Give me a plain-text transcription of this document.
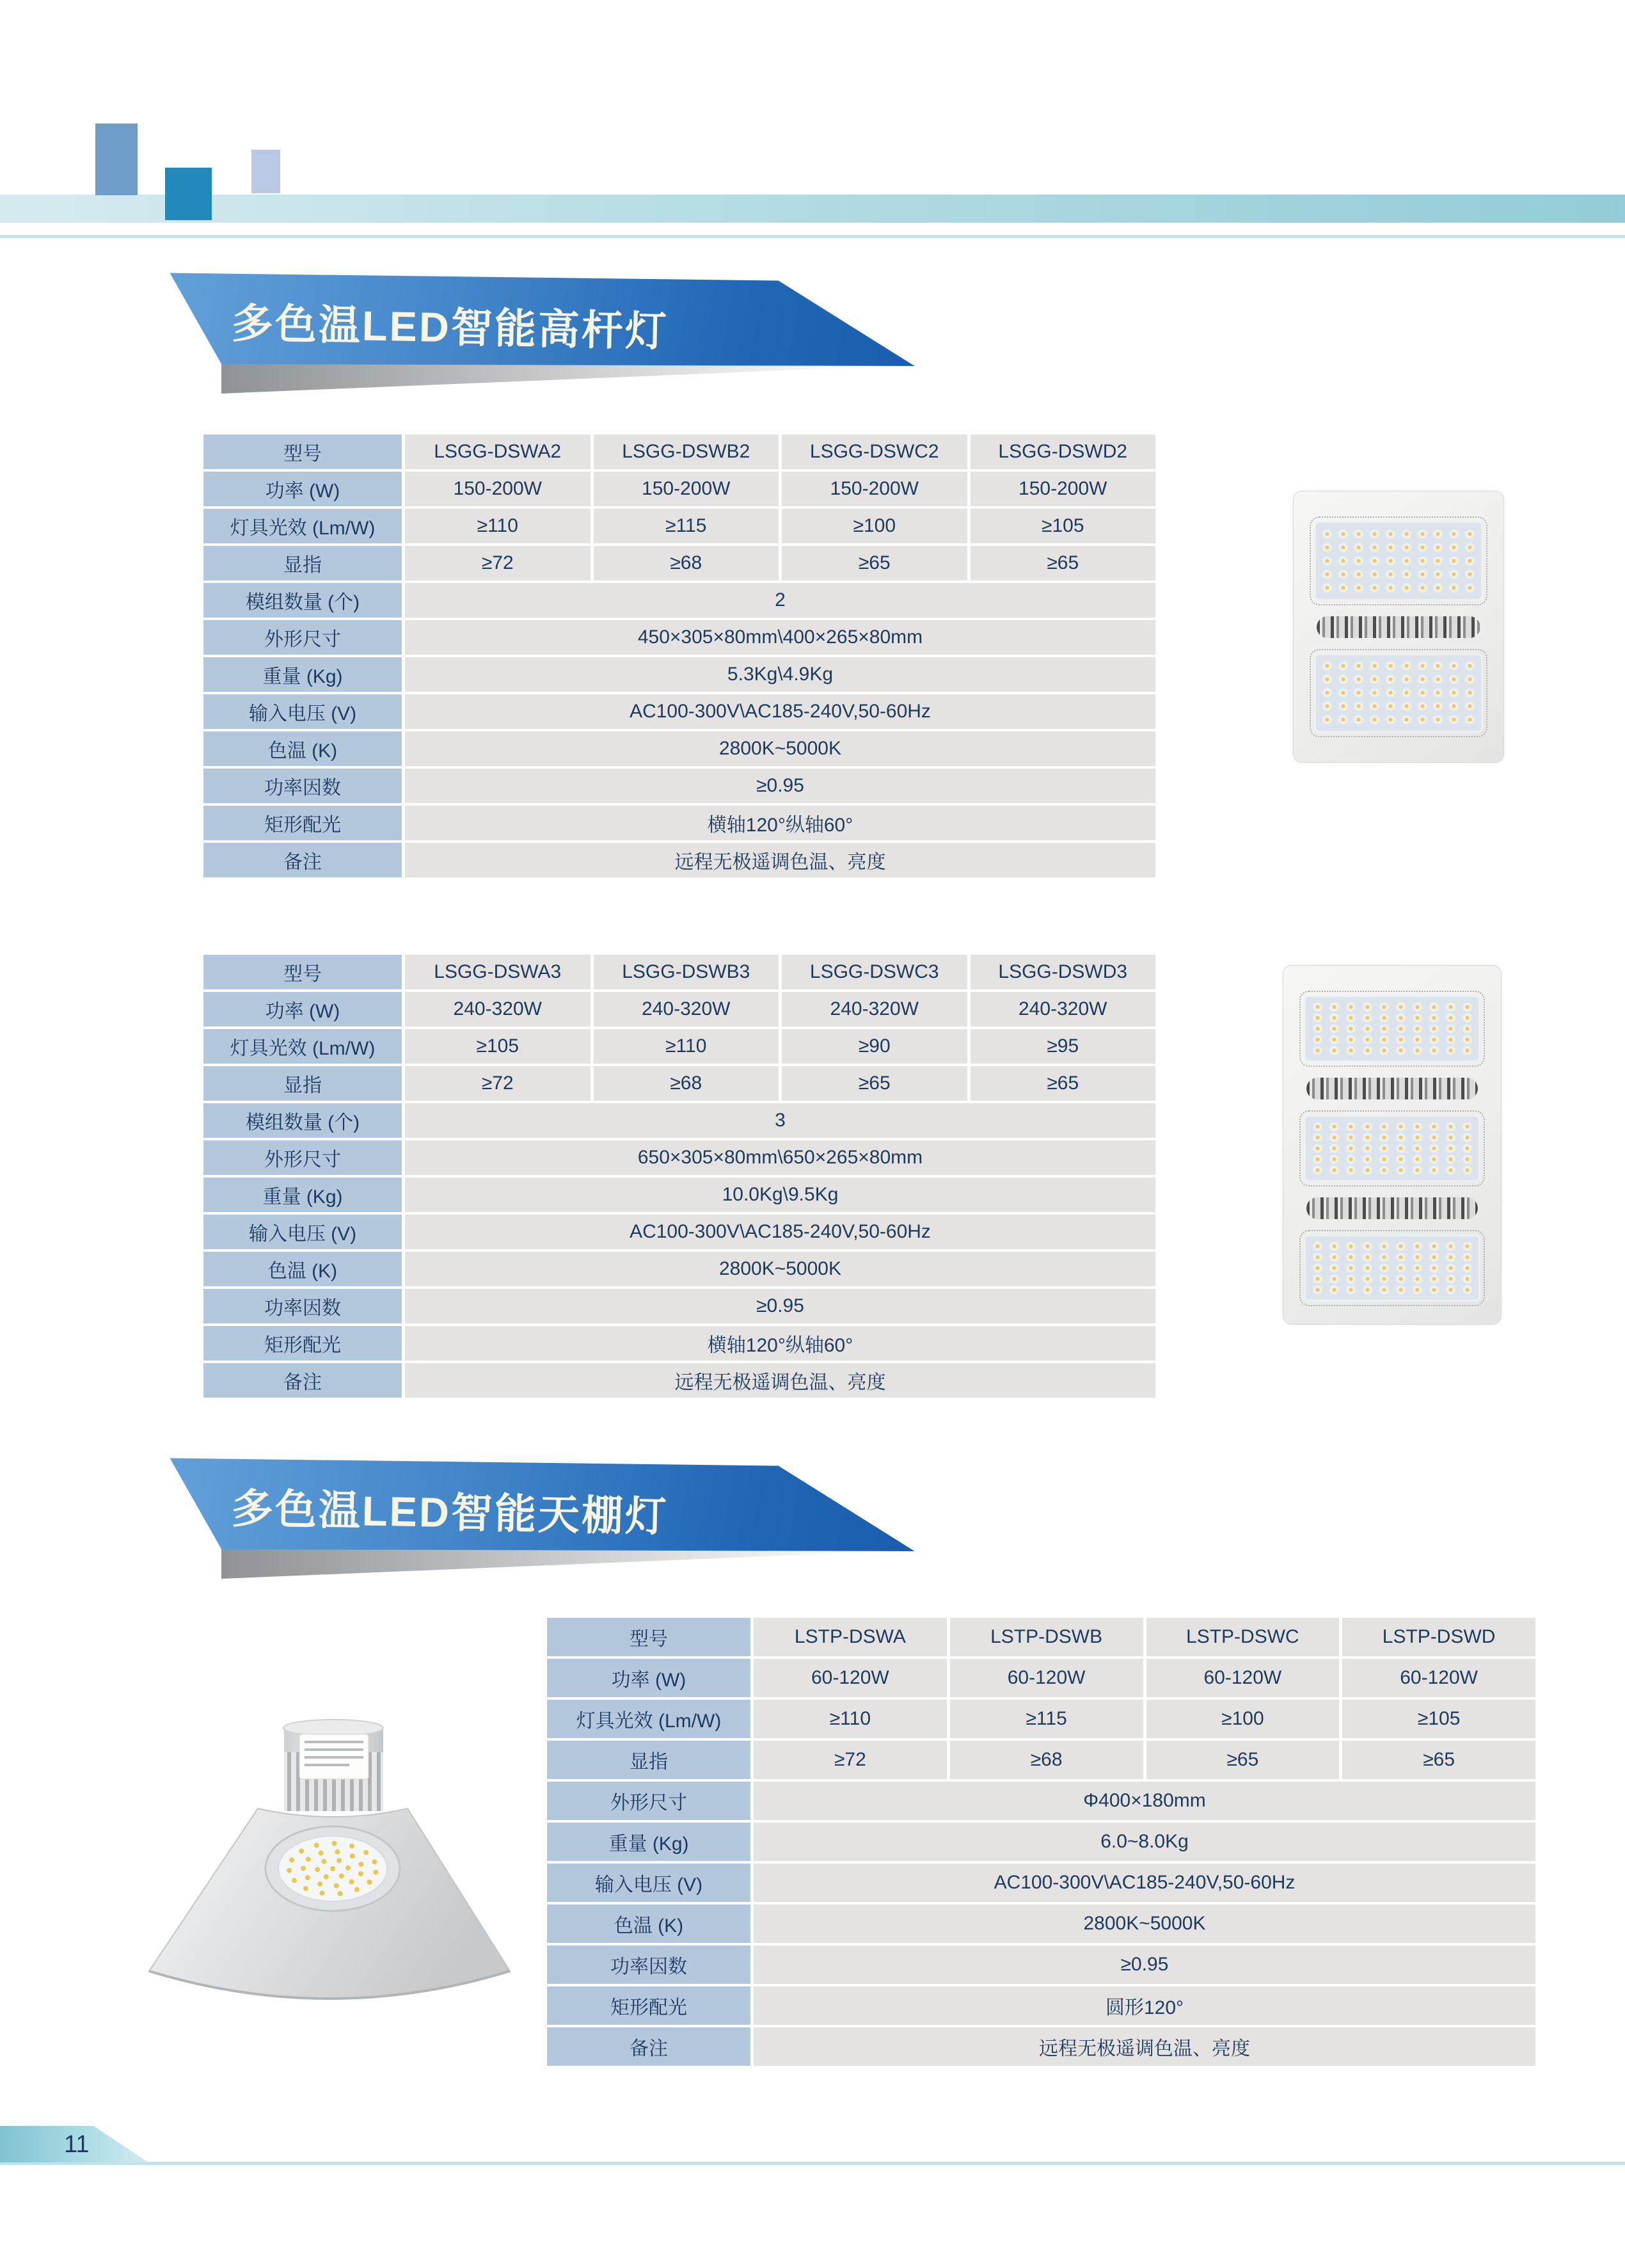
多色温LED智能高杆灯
型号	LSGG-DSWA2	LSGG-DSWB2	LSGG-DSWC2	LSGG-DSWD2
功率 (W)	150-200W	150-200W	150-200W	150-200W
灯具光效 (Lm/W)	≥110	≥115	≥100	≥105
显指	≥72	≥68	≥65	≥65
模组数量 (个)	2
外形尺寸	450×305×80mm\400×265×80mm
重量 (Kg)	5.3Kg\4.9Kg
输入电压 (V)	AC100-300V\AC185-240V,50-60Hz
色温 (K)	2800K~5000K
功率因数	≥0.95
矩形配光	横轴120°纵轴60°
备注	远程无极遥调色温、亮度
型号	LSGG-DSWA3	LSGG-DSWB3	LSGG-DSWC3	LSGG-DSWD3
功率 (W)	240-320W	240-320W	240-320W	240-320W
灯具光效 (Lm/W)	≥105	≥110	≥90	≥95
显指	≥72	≥68	≥65	≥65
模组数量 (个)	3
外形尺寸	650×305×80mm\650×265×80mm
重量 (Kg)	10.0Kg\9.5Kg
输入电压 (V)	AC100-300V\AC185-240V,50-60Hz
色温 (K)	2800K~5000K
功率因数	≥0.95
矩形配光	横轴120°纵轴60°
备注	远程无极遥调色温、亮度
多色温LED智能天棚灯
型号	LSTP-DSWA	LSTP-DSWB	LSTP-DSWC	LSTP-DSWD
功率 (W)	60-120W	60-120W	60-120W	60-120W
灯具光效 (Lm/W)	≥110	≥115	≥100	≥105
显指	≥72	≥68	≥65	≥65
外形尺寸	Φ400×180mm
重量 (Kg)	6.0~8.0Kg
输入电压 (V)	AC100-300V\AC185-240V,50-60Hz
色温 (K)	2800K~5000K
功率因数	≥0.95
矩形配光	圆形120°
备注	远程无极遥调色温、亮度
11
